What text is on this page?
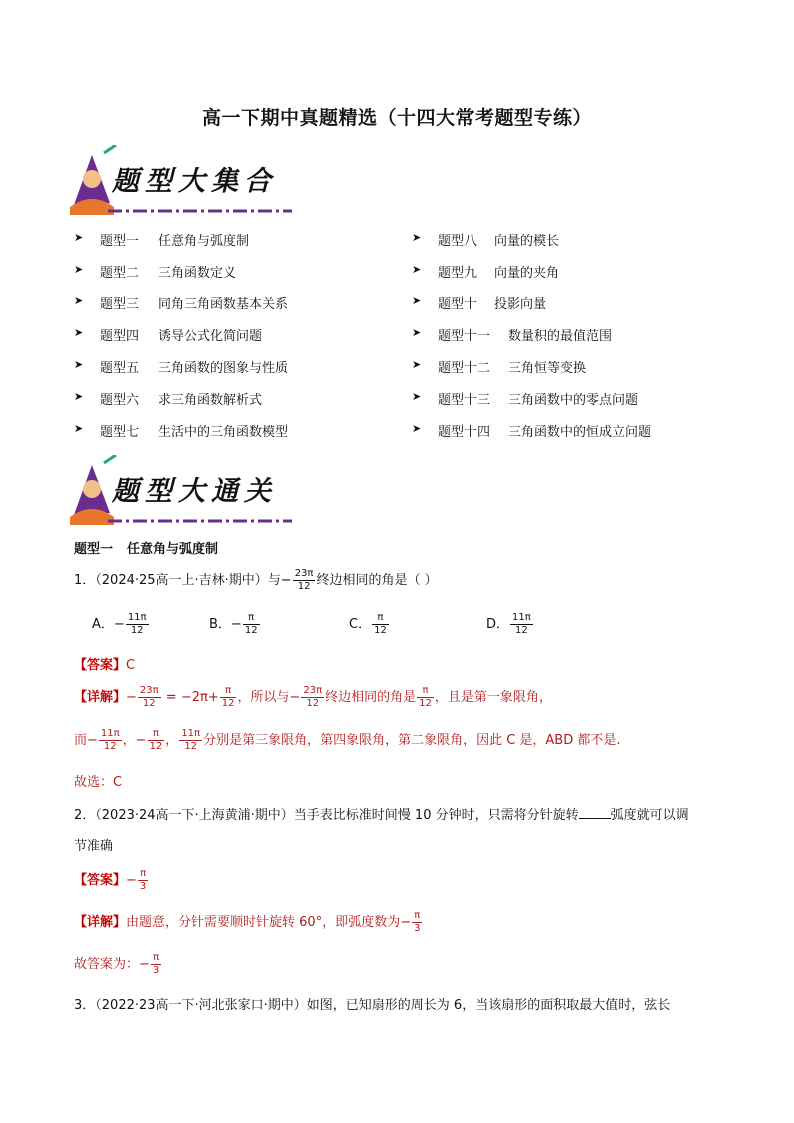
高一下期中真题精选（十四大常考题型专练）
题型大集合
➤ 题型一 任意角与弧度制
➤ 题型二 三角函数定义
➤ 题型三 同角三角函数基本关系
➤ 题型四 诱导公式化简问题
➤ 题型五 三角函数的图象与性质
➤ 题型六 求三角函数解析式
➤ 题型七 生活中的三角函数模型
➤ 题型八 向量的模长
➤ 题型九 向量的夹角
➤ 题型十 投影向量
➤ 题型十一 数量积的最值范围
➤ 题型十二 三角恒等变换
➤ 题型十三 三角函数中的零点问题
➤ 题型十四 三角函数中的恒成立问题
题型大通关
题型一 任意角与弧度制
1．（2024·25高一上·吉林·期中）与− $\frac{23\pi}{12}$ 终边相同的角是（ ）
A．− $\frac{11\pi}{12}$	B．− $\frac{\pi}{12}$	C． $\frac{\pi}{12}$	D． $\frac{11\pi}{12}$
【答案】C
【详解】− $\frac{23\pi}{12} = -2\pi+ \frac{\pi}{12}$ ，所以与− $\frac{23\pi}{12}$ 终边相同的角是 $\frac{\pi}{12}$ ，且是第一象限角，
而− $\frac{11\pi}{12}$ ，− $\frac{\pi}{12}$ ， $\frac{11\pi}{12}$ 分别是第三象限角，第四象限角，第二象限角，因此 C 是，ABD 都不是.
故选：C
2．（2023·24高一下·上海黄浦·期中）当手表比标准时间慢 10 分钟时，只需将分针旋转 弧度就可以调
节准确
【答案】− $\frac{\pi}{3}$
【详解】由题意，分针需要顺时针旋转 60°，即弧度数为− $\frac{\pi}{3}$
故答案为：− $\frac{\pi}{3}$
3．（2022·23高一下·河北张家口·期中）如图，已知扇形的周长为 6，当该扇形的面积取最大值时，弦长
